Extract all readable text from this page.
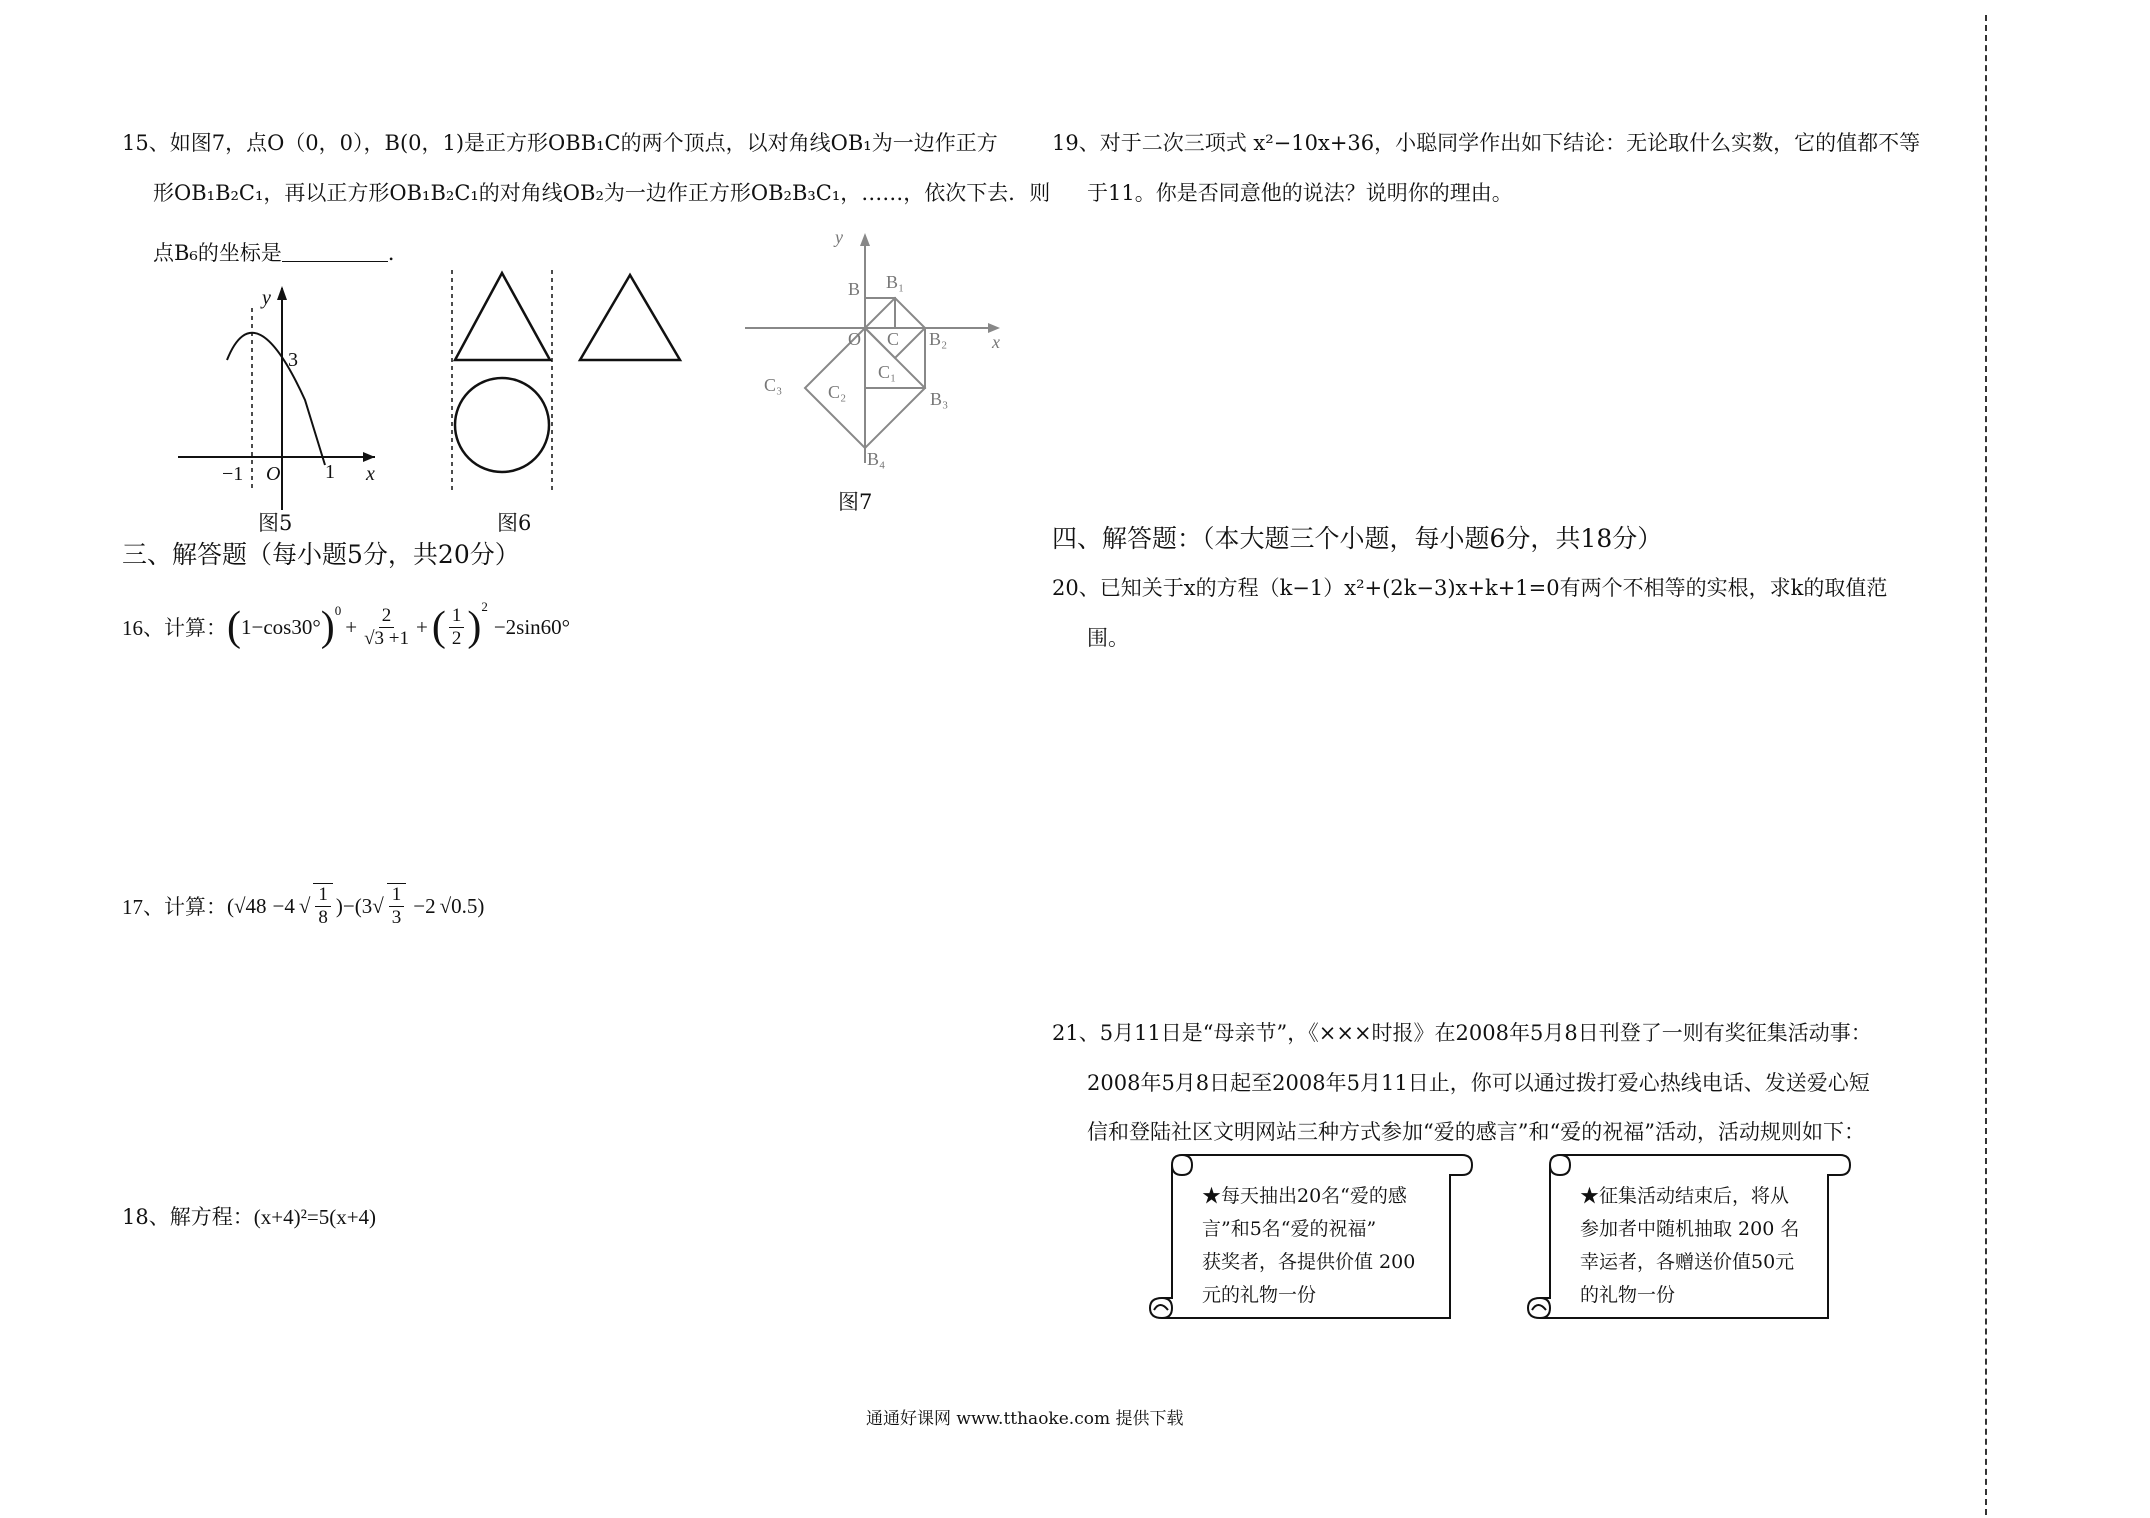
15、如图7，点O（0，0），B(0，1)是正方形OBB₁C的两个顶点，以对角线OB₁为一边作正方
形OB₁B₂C₁，再以正方形OB₁B₂C₁的对角线OB₂为一边作正方形OB₂B₃C₁，……，依次下去．则
点B₆的坐标是	．
y
3
−1 O 1 x
图5	图6
y
B B₁
O C B₂ x
C₁
C₃	C₂	B₃
B₄
图7
三、解答题（每小题5分，共20分）
16、计算： ( 1−cos30° )$^0$
+ $\frac{2}{√3 +1}$ + ( $\frac{1}{2} )^2$
−2sin60°
17、计算： ( √48 −4 √ $\frac{1}{8} )-(3$ √ $\frac{1}{3} -2$ √0.5 )
18、解方程：(x+4)²=5(x+4)
19、对于二次三项式 x²−10x+36，小聪同学作出如下结论：无论取什么实数，它的值都不等
于11。你是否同意他的说法？说明你的理由。
四、解答题：（本大题三个小题，每小题6分，共18分）
20、已知关于x的方程（k−1）x²+(2k−3)x+k+1=0有两个不相等的实根，求k的取值范
围。
21、5月11日是“母亲节”，《×××时报》在2008年5月8日刊登了一则有奖征集活动事：
2008年5月8日起至2008年5月11日止，你可以通过拨打爱心热线电话、发送爱心短
信和登陆社区文明网站三种方式参加“爱的感言”和“爱的祝福”活动，活动规则如下：
★每天抽出20名“爱的感
言”和5名“爱的祝福”
获奖者，各提供价值 200
元的礼物一份
★征集活动结束后，将从
参加者中随机抽取 200 名
幸运者，各赠送价值50元
的礼物一份
通通好课网 www.tthaoke.com 提供下载
